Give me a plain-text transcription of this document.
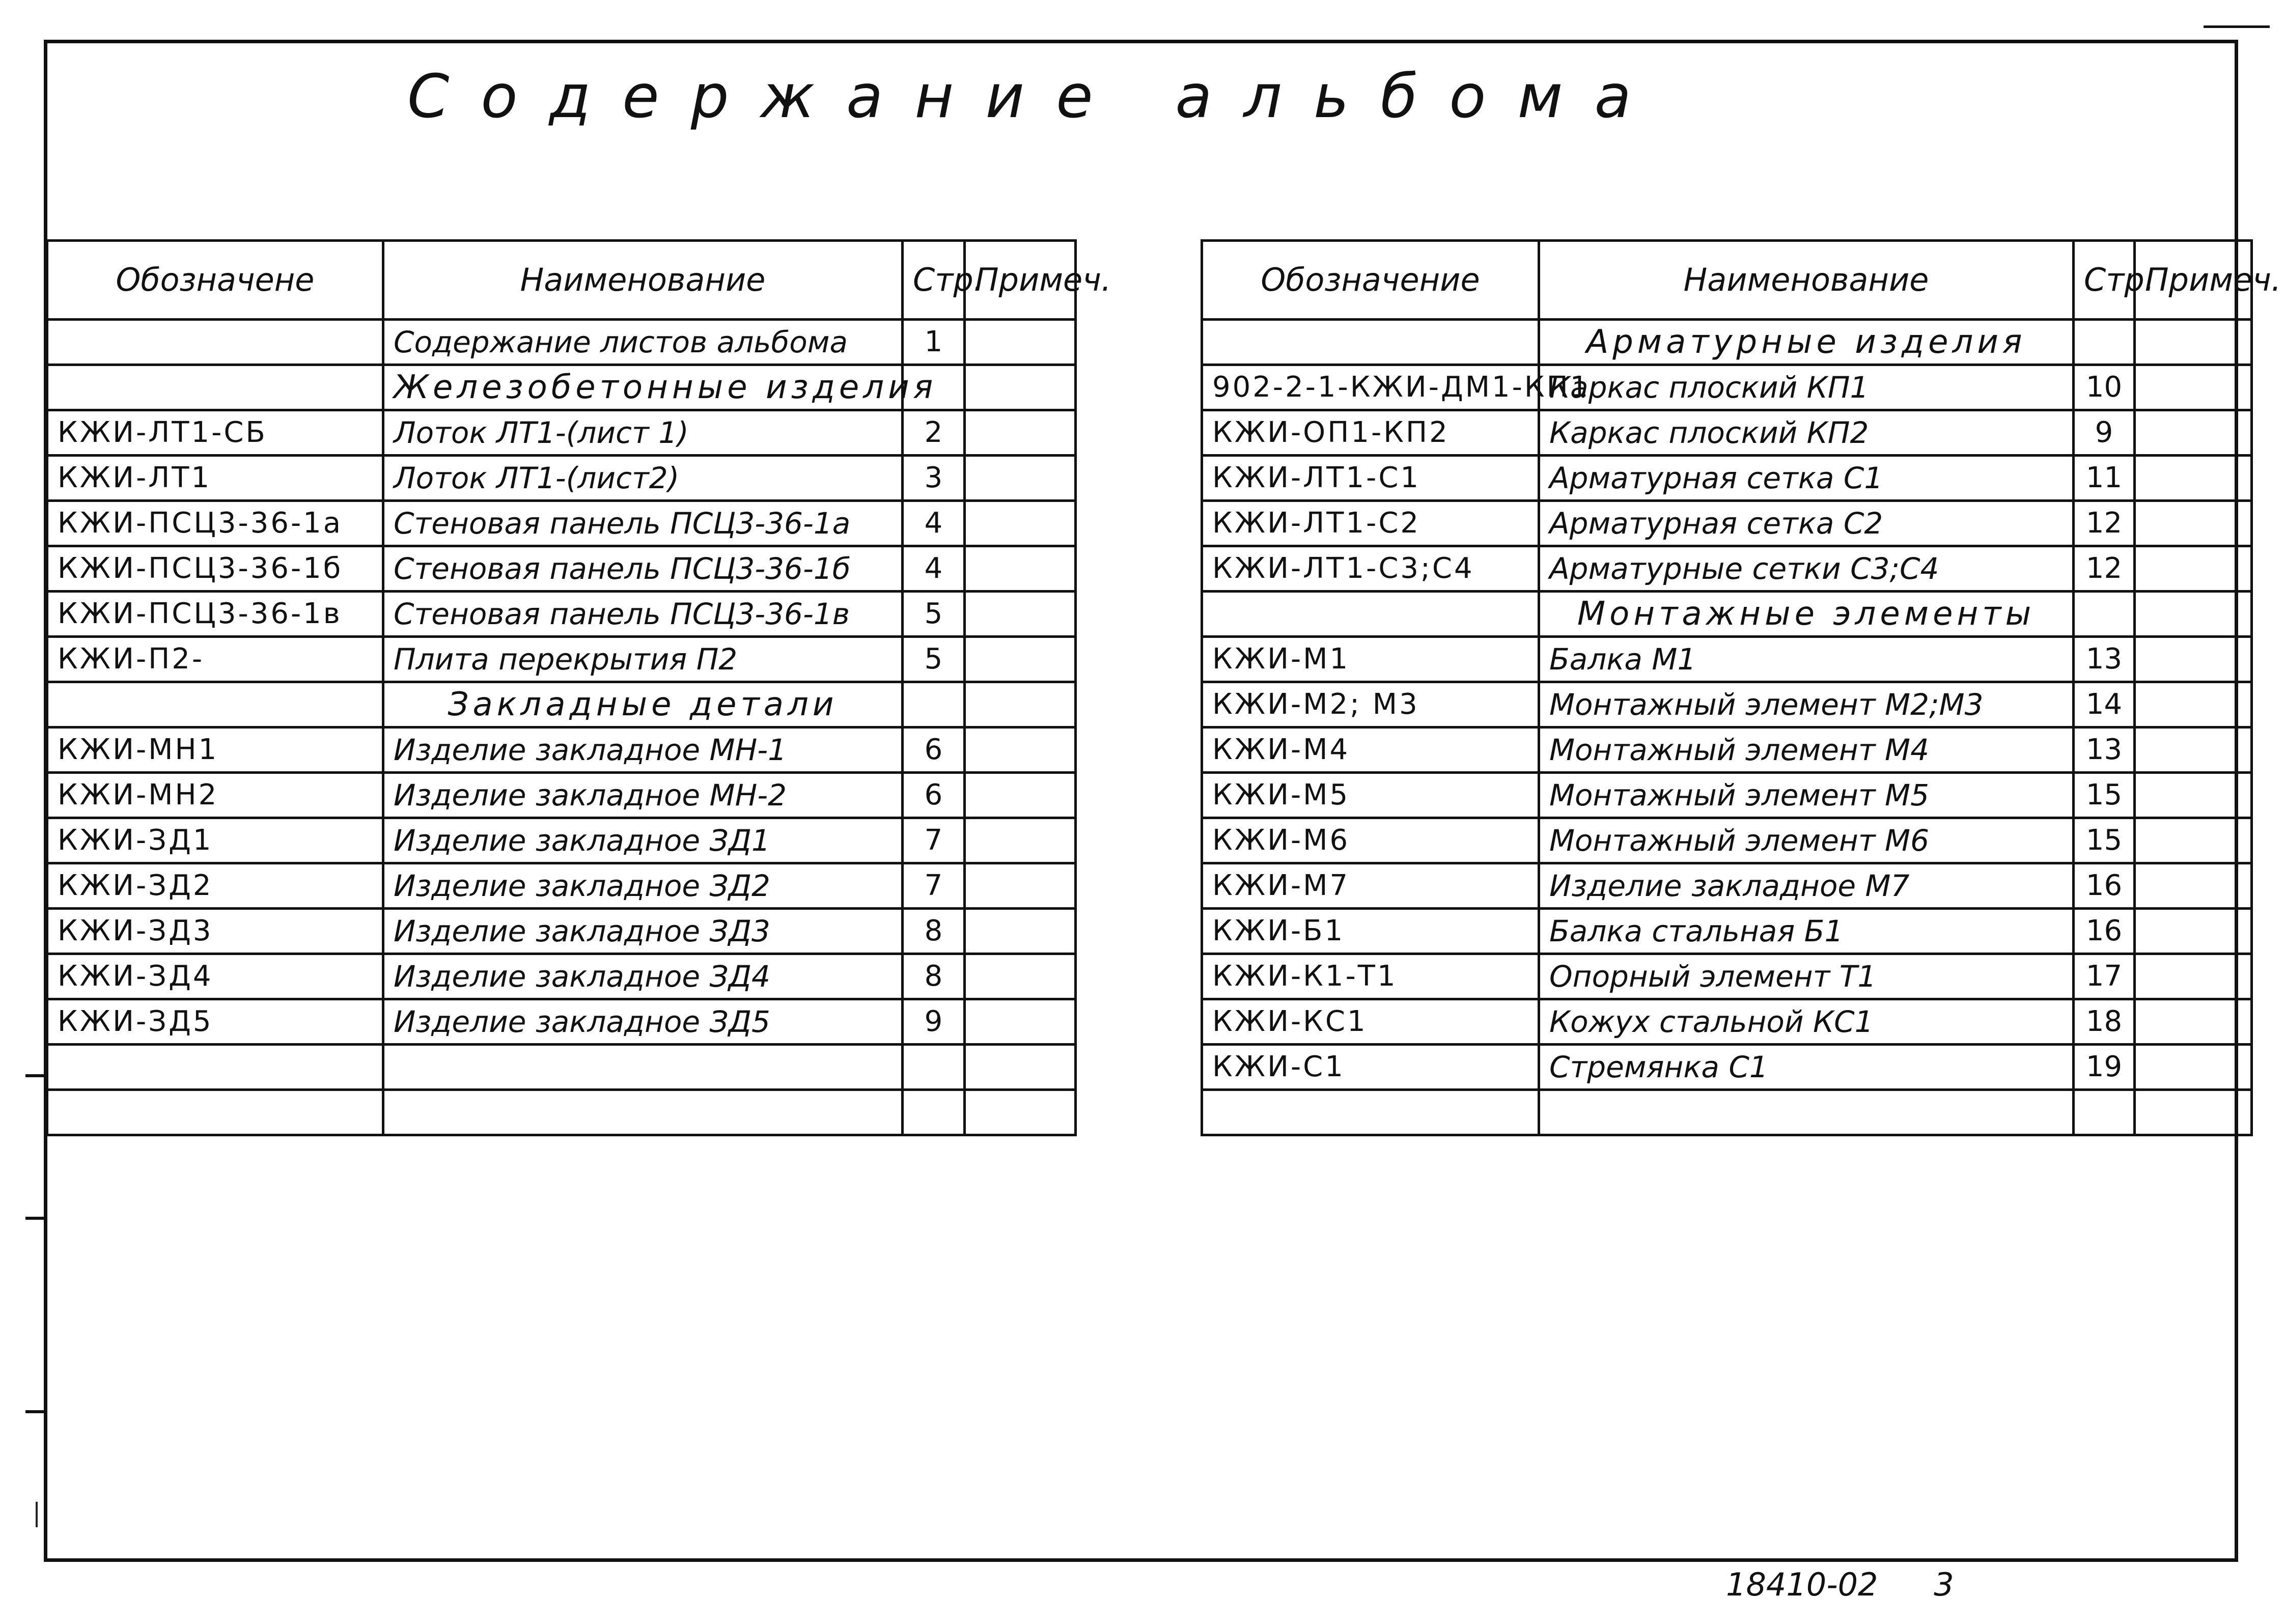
Содержание альбома
Обозначене	Наименование	Стр.	Примеч.
	Содержание листов альбома	1	
	Железобетонные изделия		
КЖИ-ЛТ1-СБ	Лоток ЛТ1-(лист 1)	2	
КЖИ-ЛТ1	Лоток ЛТ1-(лист2)	3	
КЖИ-ПСЦ3-36-1а	Стеновая панель ПСЦ3-36-1а	4	
КЖИ-ПСЦ3-36-1б	Стеновая панель ПСЦ3-36-1б	4	
КЖИ-ПСЦ3-36-1в	Стеновая панель ПСЦ3-36-1в	5	
КЖИ-П2-	Плита перекрытия П2	5	
	Закладные детали		
КЖИ-МН1	Изделие закладное МН-1	6	
КЖИ-МН2	Изделие закладное МН-2	6	
КЖИ-ЗД1	Изделие закладное ЗД1	7	
КЖИ-ЗД2	Изделие закладное ЗД2	7	
КЖИ-ЗД3	Изделие закладное ЗД3	8	
КЖИ-ЗД4	Изделие закладное ЗД4	8	
КЖИ-ЗД5	Изделие закладное ЗД5	9	

Обозначение	Наименование	Стр.	Примеч.
	Арматурные изделия		
902-2-1-КЖИ-ДМ1-КП1	Каркас плоский КП1	10	
КЖИ-ОП1-КП2	Каркас плоский КП2	9	
КЖИ-ЛТ1-С1	Арматурная сетка С1	11	
КЖИ-ЛТ1-С2	Арматурная сетка С2	12	
КЖИ-ЛТ1-С3;С4	Арматурные сетки С3;С4	12	
	Монтажные элементы		
КЖИ-М1	Балка М1	13	
КЖИ-М2; М3	Монтажный элемент М2;М3	14	
КЖИ-М4	Монтажный элемент М4	13	
КЖИ-М5	Монтажный элемент М5	15	
КЖИ-М6	Монтажный элемент М6	15	
КЖИ-М7	Изделие закладное М7	16	
КЖИ-Б1	Балка стальная Б1	16	
КЖИ-К1-Т1	Опорный элемент Т1	17	
КЖИ-КС1	Кожух стальной КС1	18	
КЖИ-С1	Стремянка С1	19	

18410-02 3
